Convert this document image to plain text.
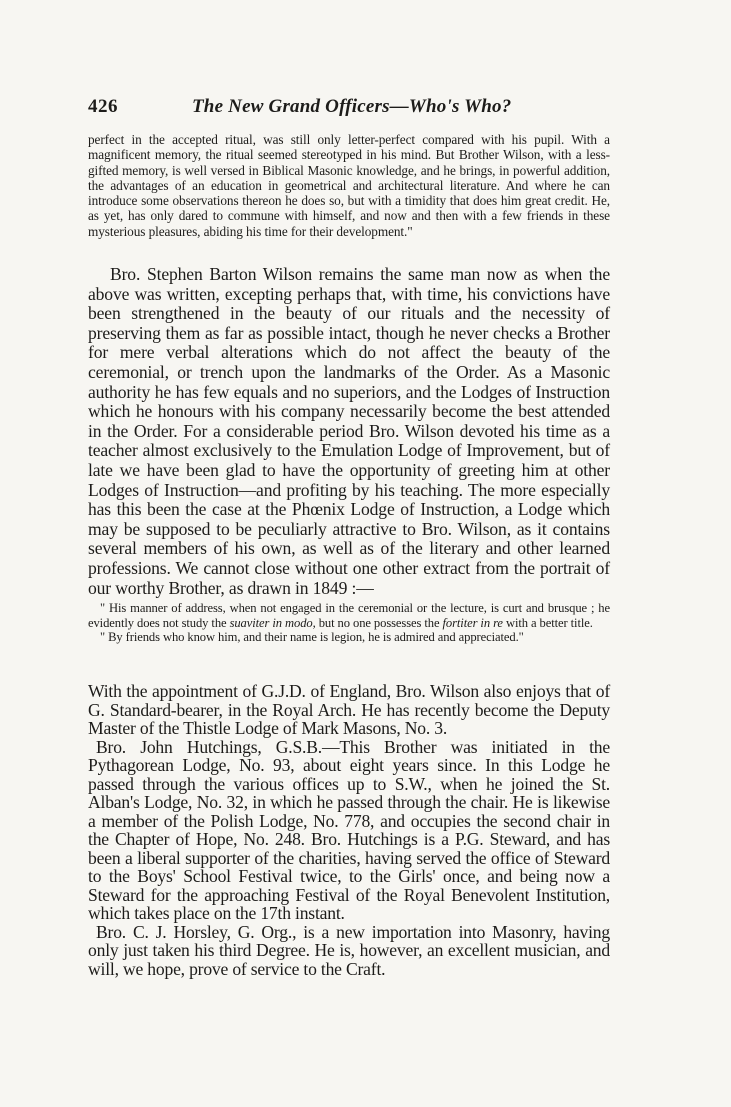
426	The New Grand Officers—Who's Who?

perfect in the accepted ritual, was still only letter-perfect compared with his pupil. With a magnificent memory, the ritual seemed stereotyped in his mind. But Brother Wilson, with a less-gifted memory, is well versed in Biblical Masonic knowledge, and he brings, in powerful addition, the advantages of an education in geometrical and architectural literature. And where he can introduce some observations thereon he does so, but with a timidity that does him great credit. He, as yet, has only dared to commune with himself, and now and then with a few friends in these mysterious pleasures, abiding his time for their development."

Bro. Stephen Barton Wilson remains the same man now as when the above was written, excepting perhaps that, with time, his convictions have been strengthened in the beauty of our rituals and the necessity of preserving them as far as possible intact, though he never checks a Brother for mere verbal alterations which do not affect the beauty of the ceremonial, or trench upon the landmarks of the Order. As a Masonic authority he has few equals and no superiors, and the Lodges of Instruction which he honours with his company necessarily become the best attended in the Order. For a considerable period Bro. Wilson devoted his time as a teacher almost exclusively to the Emulation Lodge of Improvement, but of late we have been glad to have the opportunity of greeting him at other Lodges of Instruction—and profiting by his teaching. The more especially has this been the case at the Phœnix Lodge of Instruction, a Lodge which may be supposed to be peculiarly attractive to Bro. Wilson, as it contains several members of his own, as well as of the literary and other learned professions. We cannot close without one other extract from the portrait of our worthy Brother, as drawn in 1849 :—

" His manner of address, when not engaged in the ceremonial or the lecture, is curt and brusque ; he evidently does not study the suaviter in modo, but no one possesses the fortiter in re with a better title.

" By friends who know him, and their name is legion, he is admired and appreciated."

With the appointment of G.J.D. of England, Bro. Wilson also enjoys that of G. Standard-bearer, in the Royal Arch. He has recently become the Deputy Master of the Thistle Lodge of Mark Masons, No. 3.

Bro. John Hutchings, G.S.B.—This Brother was initiated in the Pythagorean Lodge, No. 93, about eight years since. In this Lodge he passed through the various offices up to S.W., when he joined the St. Alban's Lodge, No. 32, in which he passed through the chair. He is likewise a member of the Polish Lodge, No. 778, and occupies the second chair in the Chapter of Hope, No. 248. Bro. Hutchings is a P.G. Steward, and has been a liberal supporter of the charities, having served the office of Steward to the Boys' School Festival twice, to the Girls' once, and being now a Steward for the approaching Festival of the Royal Benevolent Institution, which takes place on the 17th instant.

Bro. C. J. Horsley, G. Org., is a new importation into Masonry, having only just taken his third Degree. He is, however, an excellent musician, and will, we hope, prove of service to the Craft.
